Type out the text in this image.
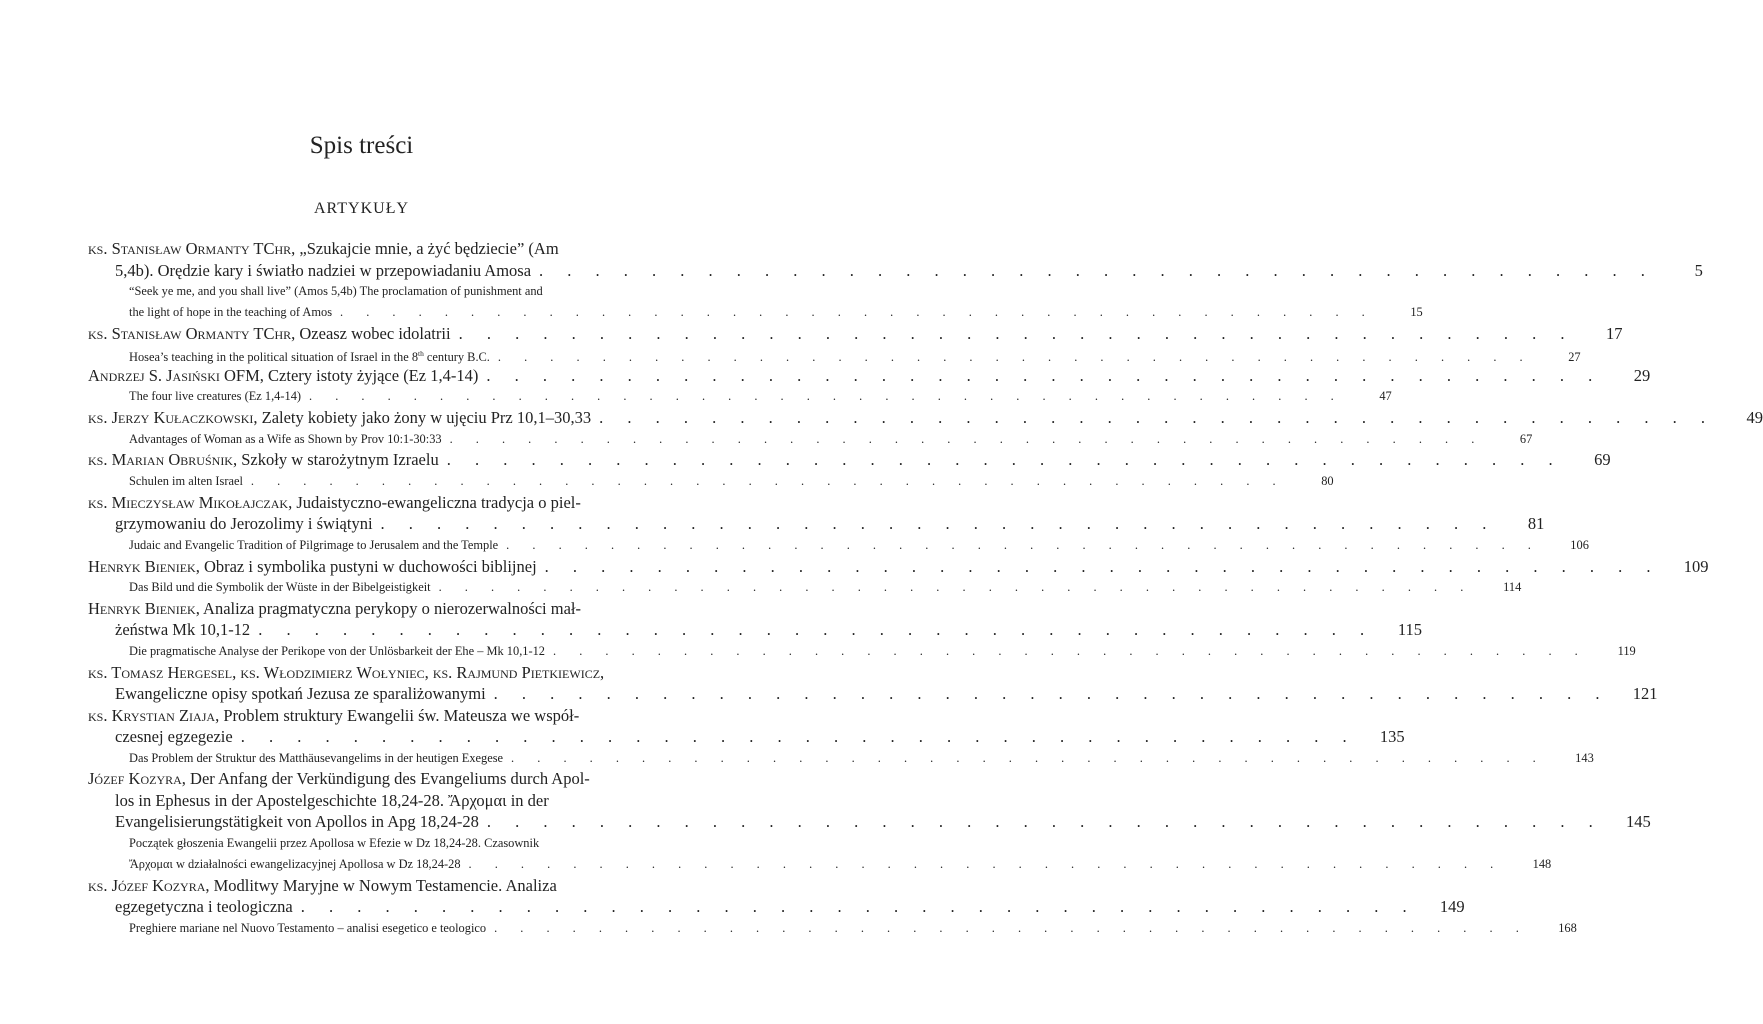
Spis treści
ARTYKUŁY
ks. Stanisław Ormanty TChr, „Szukajcie mnie, a żyć będziecie” (Am
5,4b). Orędzie kary i światło nadziei w przepowiadaniu Amosa . . . . . . . . . . . . . . . . . . . . . . . . . . . . . . . . . . . . . . . .	5
“Seek ye me, and you shall live” (Amos 5,4b) The proclamation of punishment and
the light of hope in the teaching of Amos . . . . . . . . . . . . . . . . . . . . . . . . . . . . . . . . . . . . . . . .	15
ks. Stanisław Ormanty TChr, Ozeasz wobec idolatrii . . . . . . . . . . . . . . . . . . . . . . . . . . . . . . . . . . . . . . . .	17
Hosea’s teaching in the political situation of Israel in the 8th century B.C. . . . . . . . . . . . . . . . . . . . . . . . . . . . . . . . . . . . . . . . .	27
Andrzej S. Jasiński OFM, Cztery istoty żyjące (Ez 1,4-14) . . . . . . . . . . . . . . . . . . . . . . . . . . . . . . . . . . . . . . . .	29
The four live creatures (Ez 1,4-14) . . . . . . . . . . . . . . . . . . . . . . . . . . . . . . . . . . . . . . . .	47
ks. Jerzy Kułaczkowski, Zalety kobiety jako żony w ujęciu Prz 10,1–30,33 . . . . . . . . . . . . . . . . . . . . . . . . . . . . . . . . . . . . . . . .	49
Advantages of Woman as a Wife as Shown by Prov 10:1-30:33 . . . . . . . . . . . . . . . . . . . . . . . . . . . . . . . . . . . . . . . .	67
ks. Marian Obruśnik, Szkoły w starożytnym Izraelu . . . . . . . . . . . . . . . . . . . . . . . . . . . . . . . . . . . . . . . .	69
Schulen im alten Israel . . . . . . . . . . . . . . . . . . . . . . . . . . . . . . . . . . . . . . . .	80
ks. Mieczysław Mikołajczak, Judaistyczno-ewangeliczna tradycja o piel-
grzymowaniu do Jerozolimy i świątyni . . . . . . . . . . . . . . . . . . . . . . . . . . . . . . . . . . . . . . . .	81
Judaic and Evangelic Tradition of Pilgrimage to Jerusalem and the Temple . . . . . . . . . . . . . . . . . . . . . . . . . . . . . . . . . . . . . . . .	106
Henryk Bieniek, Obraz i symbolika pustyni w duchowości biblijnej . . . . . . . . . . . . . . . . . . . . . . . . . . . . . . . . . . . . . . . .	109
Das Bild und die Symbolik der Wüste in der Bibelgeistigkeit . . . . . . . . . . . . . . . . . . . . . . . . . . . . . . . . . . . . . . . .	114
Henryk Bieniek, Analiza pragmatyczna perykopy o nierozerwalności mał-
żeństwa Mk 10,1-12 . . . . . . . . . . . . . . . . . . . . . . . . . . . . . . . . . . . . . . . .	115
Die pragmatische Analyse der Perikope von der Unlösbarkeit der Ehe – Mk 10,1-12 . . . . . . . . . . . . . . . . . . . . . . . . . . . . . . . . . . . . . . . .	119
ks. Tomasz Hergesel, ks. Włodzimierz Wołyniec, ks. Rajmund Pietkiewicz,
Ewangeliczne opisy spotkań Jezusa ze sparaliżowanymi . . . . . . . . . . . . . . . . . . . . . . . . . . . . . . . . . . . . . . . .	121
ks. Krystian Ziaja, Problem struktury Ewangelii św. Mateusza we współ-
czesnej egzegezie . . . . . . . . . . . . . . . . . . . . . . . . . . . . . . . . . . . . . . . .	135
Das Problem der Struktur des Matthäusevangelims in der heutigen Exegese . . . . . . . . . . . . . . . . . . . . . . . . . . . . . . . . . . . . . . . .	143
Józef Kozyra, Der Anfang der Verkündigung des Evangeliums durch Apol-
los in Ephesus in der Apostelgeschichte 18,24-28. Ἄρχομαι in der
Evangelisierungstätigkeit von Apollos in Apg 18,24-28 . . . . . . . . . . . . . . . . . . . . . . . . . . . . . . . . . . . . . . . .	145
Początek głoszenia Ewangelii przez Apollosa w Efezie w Dz 18,24-28. Czasownik
Ἄρχομαι w działalności ewangelizacyjnej Apollosa w Dz 18,24-28 . . . . . . . . . . . . . . . . . . . . . . . . . . . . . . . . . . . . . . . .	148
ks. Józef Kozyra, Modlitwy Maryjne w Nowym Testamencie. Analiza
egzegetyczna i teologiczna . . . . . . . . . . . . . . . . . . . . . . . . . . . . . . . . . . . . . . . .	149
Preghiere mariane nel Nuovo Testamento – analisi esegetico e teologico . . . . . . . . . . . . . . . . . . . . . . . . . . . . . . . . . . . . . . . .	168
